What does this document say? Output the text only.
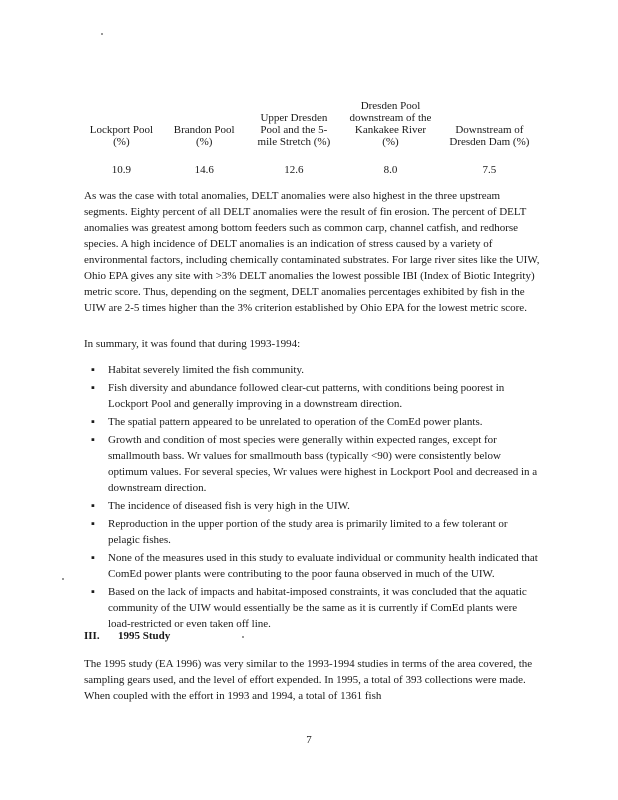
Lockport Pool (%)	Brandon Pool (%)	Upper Dresden Pool and the 5-mile Stretch (%)	Dresden Pool downstream of the Kankakee River (%)	Downstream of Dresden Dam (%)
10.9	14.6	12.6	8.0	7.5

As was the case with total anomalies, DELT anomalies were also highest in the three upstream segments. Eighty percent of all DELT anomalies were the result of fin erosion. The percent of DELT anomalies was greatest among bottom feeders such as common carp, channel catfish, and redhorse species. A high incidence of DELT anomalies is an indication of stress caused by a variety of environmental factors, including chemically contaminated substrates. For large river sites like the UIW, Ohio EPA gives any site with >3% DELT anomalies the lowest possible IBI (Index of Biotic Integrity) metric score. Thus, depending on the segment, DELT anomalies percentages exhibited by fish in the UIW are 2-5 times higher than the 3% criterion established by Ohio EPA for the lowest metric score.

In summary, it was found that during 1993-1994:

▪ Habitat severely limited the fish community.
▪ Fish diversity and abundance followed clear-cut patterns, with conditions being poorest in Lockport Pool and generally improving in a downstream direction.
▪ The spatial pattern appeared to be unrelated to operation of the ComEd power plants.
▪ Growth and condition of most species were generally within expected ranges, except for smallmouth bass. Wr values for smallmouth bass (typically <90) were consistently below optimum values. For several species, Wr values were highest in Lockport Pool and decreased in a downstream direction.
▪ The incidence of diseased fish is very high in the UIW.
▪ Reproduction in the upper portion of the study area is primarily limited to a few tolerant or pelagic fishes.
▪ None of the measures used in this study to evaluate individual or community health indicated that ComEd power plants were contributing to the poor fauna observed in much of the UIW.
▪ Based on the lack of impacts and habitat-imposed constraints, it was concluded that the aquatic community of the UIW would essentially be the same as it is currently if ComEd plants were load-restricted or even taken off line.
III. 1995 Study

The 1995 study (EA 1996) was very similar to the 1993-1994 studies in terms of the area covered, the sampling gears used, and the level of effort expended. In 1995, a total of 393 collections were made. When coupled with the effort in 1993 and 1994, a total of 1361 fish

7
